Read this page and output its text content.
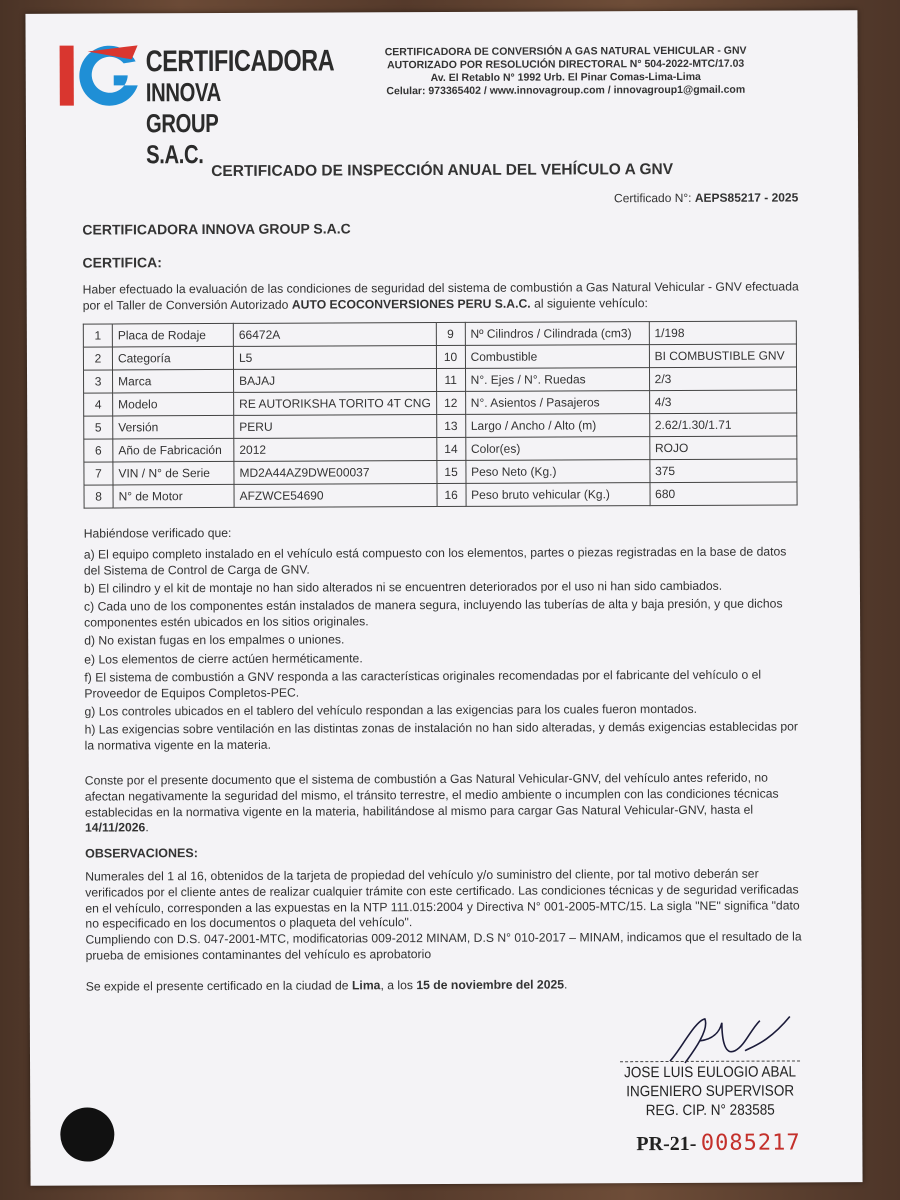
CERTIFICADORA
INNOVA GROUP S.A.C.
CERTIFICADORA DE CONVERSIÓN A GAS NATURAL VEHICULAR - GNV
AUTORIZADO POR RESOLUCIÓN DIRECTORAL N° 504-2022-MTC/17.03
Av. El Retablo N° 1992 Urb. El Pinar Comas-Lima-Lima
Celular: 973365402 / www.innovagroup.com / innovagroup1@gmail.com
CERTIFICADO DE INSPECCIÓN ANUAL DEL VEHÍCULO A GNV
Certificado N°: AEPS85217 - 2025
CERTIFICADORA INNOVA GROUP S.A.C
CERTIFICA:
Haber efectuado la evaluación de las condiciones de seguridad del sistema de combustión a Gas Natural Vehicular - GNV efectuada por el Taller de Conversión Autorizado AUTO ECOCONVERSIONES PERU S.A.C. al siguiente vehículo:
1	Placa de Rodaje	66472A	9	Nº Cilindros / Cilindrada (cm3)	1/198
2	Categoría	L5	10	Combustible	BI COMBUSTIBLE GNV
3	Marca	BAJAJ	11	N°. Ejes / N°. Ruedas	2/3
4	Modelo	RE AUTORIKSHA TORITO 4T CNG	12	N°. Asientos / Pasajeros	4/3
5	Versión	PERU	13	Largo / Ancho / Alto (m)	2.62/1.30/1.71
6	Año de Fabricación	2012	14	Color(es)	ROJO
7	VIN / N° de Serie	MD2A44AZ9DWE00037	15	Peso Neto (Kg.)	375
8	N° de Motor	AFZWCE54690	16	Peso bruto vehicular (Kg.)	680
Habiéndose verificado que:

a) El equipo completo instalado en el vehículo está compuesto con los elementos, partes o piezas registradas en la base de datos del Sistema de Control de Carga de GNV.

b) El cilindro y el kit de montaje no han sido alterados ni se encuentren deteriorados por el uso ni han sido cambiados.

c) Cada uno de los componentes están instalados de manera segura, incluyendo las tuberías de alta y baja presión, y que dichos componentes estén ubicados en los sitios originales.

d) No existan fugas en los empalmes o uniones.

e) Los elementos de cierre actúen herméticamente.

f) El sistema de combustión a GNV responda a las características originales recomendadas por el fabricante del vehículo o el Proveedor de Equipos Completos-PEC.

g) Los controles ubicados en el tablero del vehículo respondan a las exigencias para los cuales fueron montados.

h) Las exigencias sobre ventilación en las distintas zonas de instalación no han sido alteradas, y demás exigencias establecidas por la normativa vigente en la materia.

Conste por el presente documento que el sistema de combustión a Gas Natural Vehicular-GNV, del vehículo antes referido, no afectan negativamente la seguridad del mismo, el tránsito terrestre, el medio ambiente o incumplen con las condiciones técnicas establecidas en la normativa vigente en la materia, habilitándose al mismo para cargar Gas Natural Vehicular-GNV, hasta el 14/11/2026.
OBSERVACIONES:

Numerales del 1 al 16, obtenidos de la tarjeta de propiedad del vehículo y/o suministro del cliente, por tal motivo deberán ser verificados por el cliente antes de realizar cualquier trámite con este certificado. Las condiciones técnicas y de seguridad verificadas en el vehículo, corresponden a las expuestas en la NTP 111.015:2004 y Directiva N° 001-2005-MTC/15. La sigla "NE" significa "dato no especificado en los documentos o plaqueta del vehículo".

Cumpliendo con D.S. 047-2001-MTC, modificatorias 009-2012 MINAM, D.S N° 010-2017 – MINAM, indicamos que el resultado de la prueba de emisiones contaminantes del vehículo es aprobatorio

Se expide el presente certificado en la ciudad de Lima, a los 15 de noviembre del 2025.
JOSE LUIS EULOGIO ABAL
INGENIERO SUPERVISOR
REG. CIP. N° 283585
PR-21- 0085217
